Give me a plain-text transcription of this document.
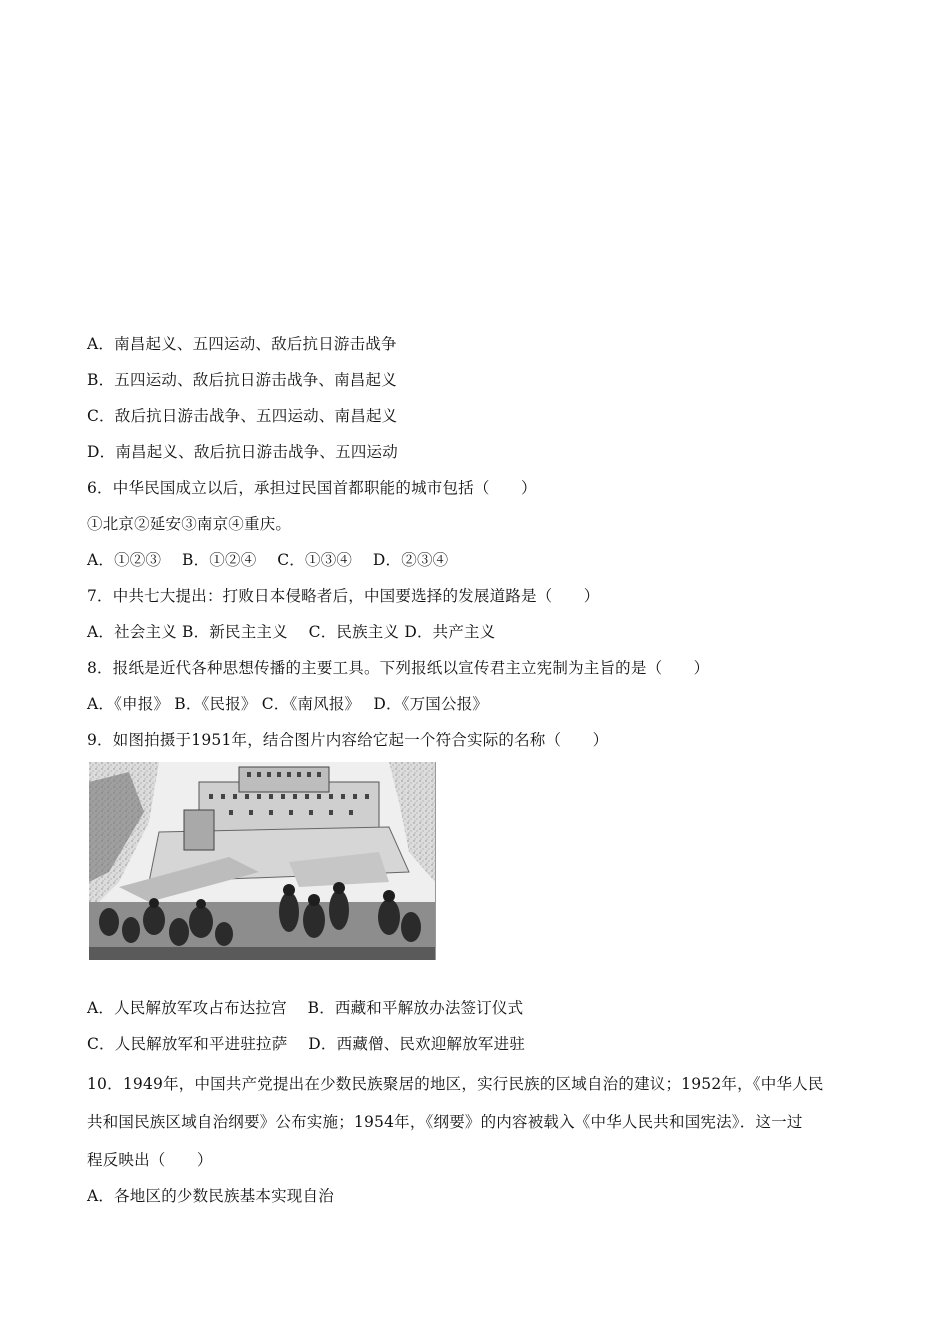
A．南昌起义、五四运动、敌后抗日游击战争
B．五四运动、敌后抗日游击战争、南昌起义
C．敌后抗日游击战争、五四运动、南昌起义
D．南昌起义、敌后抗日游击战争、五四运动
6．中华民国成立以后，承担过民国首都职能的城市包括（　　）
①北京②延安③南京④重庆。
A．①②③　 B．①②④　 C．①③④　 D．②③④
7．中共七大提出：打败日本侵略者后，中国要选择的发展道路是（　　）
A．社会主义 B．新民主主义　 C．民族主义 D．共产主义
8．报纸是近代各种思想传播的主要工具。下列报纸以宣传君主立宪制为主旨的是（　　）
A．《申报》 B．《民报》 C．《南风报》　 D．《万国公报》
9．如图拍摄于1951年，结合图片内容给它起一个符合实际的名称（　　）
A．人民解放军攻占布达拉宫　 B．西藏和平解放办法签订仪式
C．人民解放军和平进驻拉萨　 D．西藏僧、民欢迎解放军进驻
10．1949年，中国共产党提出在少数民族聚居的地区，实行民族的区域自治的建议；1952年，《中华人民
共和国民族区域自治纲要》公布实施；1954年，《纲要》的内容被载入《中华人民共和国宪法》．这一过
程反映出（　　）
A．各地区的少数民族基本实现自治
